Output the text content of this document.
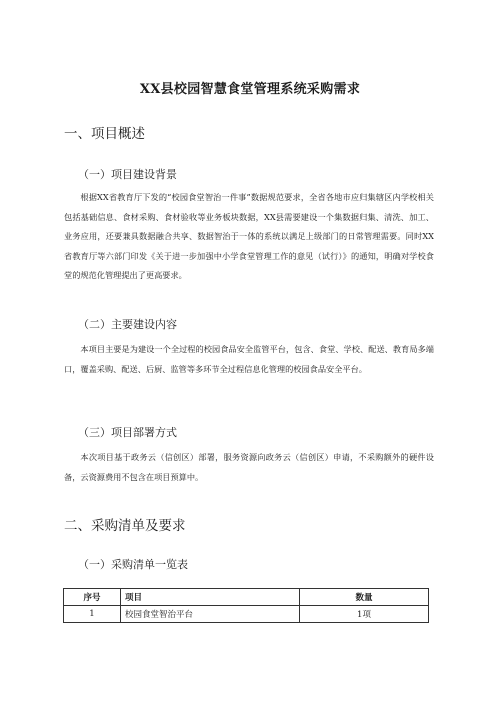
XX县校园智慧食堂管理系统采购需求
一、项目概述
（一）项目建设背景

根据XX省教育厅下发的“校园食堂智治一件事”数据规范要求，全省各地市应归集辖区内学校相关包括基础信息、食材采购、食材验收等业务板块数据，XX县需要建设一个集数据归集、清洗、加工、业务应用，还要兼具数据融合共享、数据智治于一体的系统以满足上级部门的日常管理需要。同时XX省教育厅等六部门印发《关于进一步加强中小学食堂管理工作的意见（试行）》的通知，明确对学校食堂的规范化管理提出了更高要求。

（二）主要建设内容

本项目主要是为建设一个全过程的校园食品安全监管平台，包含、食堂、学校、配送、教育局多端口，覆盖采购、配送、后厨、监管等多环节全过程信息化管理的校园食品安全平台。

（三）项目部署方式

本次项目基于政务云（信创区）部署，服务资源向政务云（信创区）申请，不采购额外的硬件设备，云资源费用不包含在项目预算中。

二、采购清单及要求
（一）采购清单一览表
序号	项目	数量
1	校园食堂智治平台	1项
